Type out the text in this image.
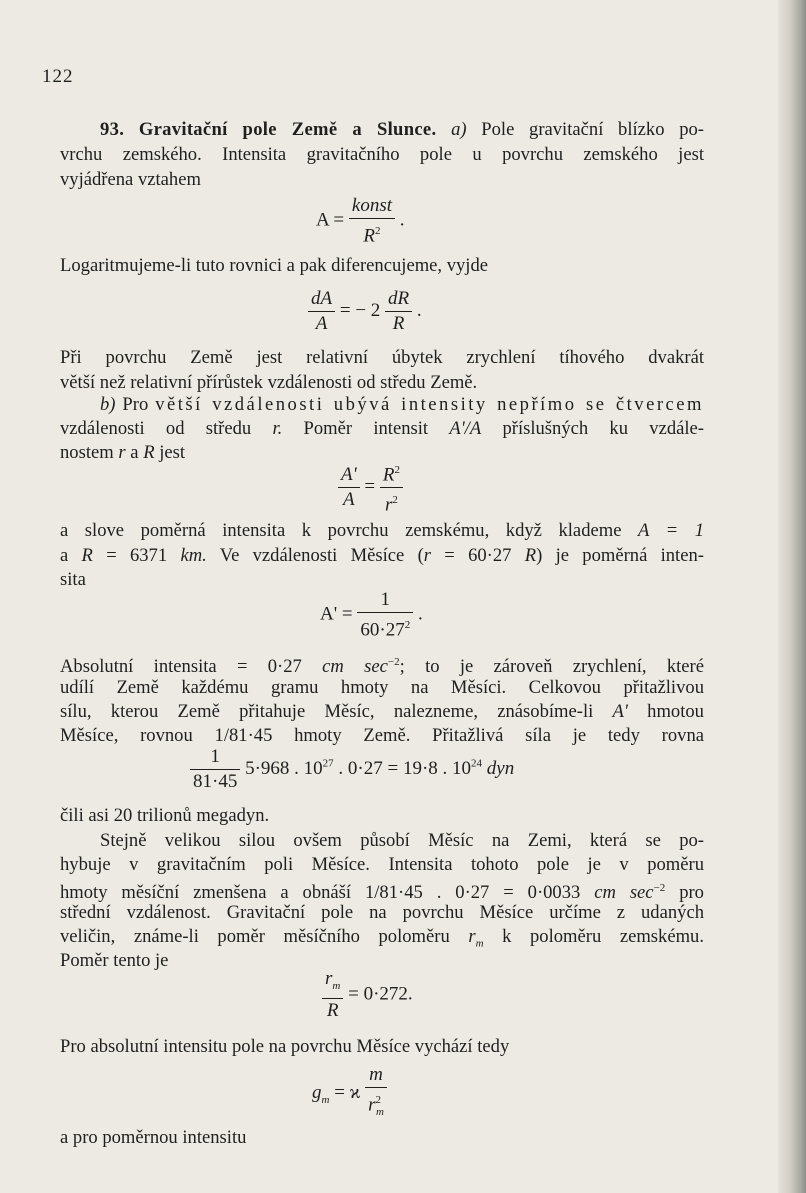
122
93. Gravitační pole Země a Slunce. a) Pole gravitační blízko po-
vrchu zemského. Intensita gravitačního pole u povrchu zemského jest
vyjádřena vztahem
$A = \frac{\text{konst}}{R^2}$ .
Logaritmujeme-li tuto rovnici a pak diferencujeme, vyjde
$\frac{dA}{A}$ = − $2 \frac{dR}{R}$ .
Při povrchu Země jest relativní úbytek zrychlení tíhového dvakrát
větší než relativní přírůstek vzdálenosti od středu Země.
b) Pro větší vzdálenosti ubývá intensity nepřímo se čtvercem
vzdálenosti od středu r. Poměr intensit A'/A příslušných ku vzdále-
nostem r a R jest
$\frac{A'}{A} = \frac{R^2}{r^2}$
a slove poměrná intensita k povrchu zemskému, když klademe A = 1
a R = 6371 km. Ve vzdálenosti Měsíce (r = 60·27 R) je poměrná inten-
sita
$A' = \frac{1}{60\cdot 27^2}$ .
Absolutní intensita = 0·27 cm $\sec^{-2}$; to je zároveň zrychlení, které
udílí Země každému gramu hmoty na Měsíci. Celkovou přitažlivou
sílu, kterou Země přitahuje Měsíc, nalezneme, znásobíme-li A' hmotou
Měsíce, rovnou 1/81·45 hmoty Země. Přitažlivá síla je tedy rovna
$\frac{1}{81\cdot 45} 5\cdot 968$ . $10^{27}$ . 0·27 = 19·8 . $10^{24}$ dyn
čili asi 20 trilionů megadyn.
Stejně velikou silou ovšem působí Měsíc na Zemi, která se po-
hybuje v gravitačním poli Měsíce. Intensita tohoto pole je v poměru
hmoty měsíční zmenšena a obnáší 1/81·45 . 0·27 = 0·0033 cm $\sec^{-2}$ pro
střední vzdálenost. Gravitační pole na povrchu Měsíce určíme z udaných
veličin, známe-li poměr měsíčního poloměru $r_m$ k poloměru zemskému.
Poměr tento je
$\frac{r_m}{R} = 0\cdot 272$.
Pro absolutní intensitu pole na povrchu Měsíce vychází tedy
$g_m = ϰ \frac{m}{r^2_m}$
a pro poměrnou intensitu
